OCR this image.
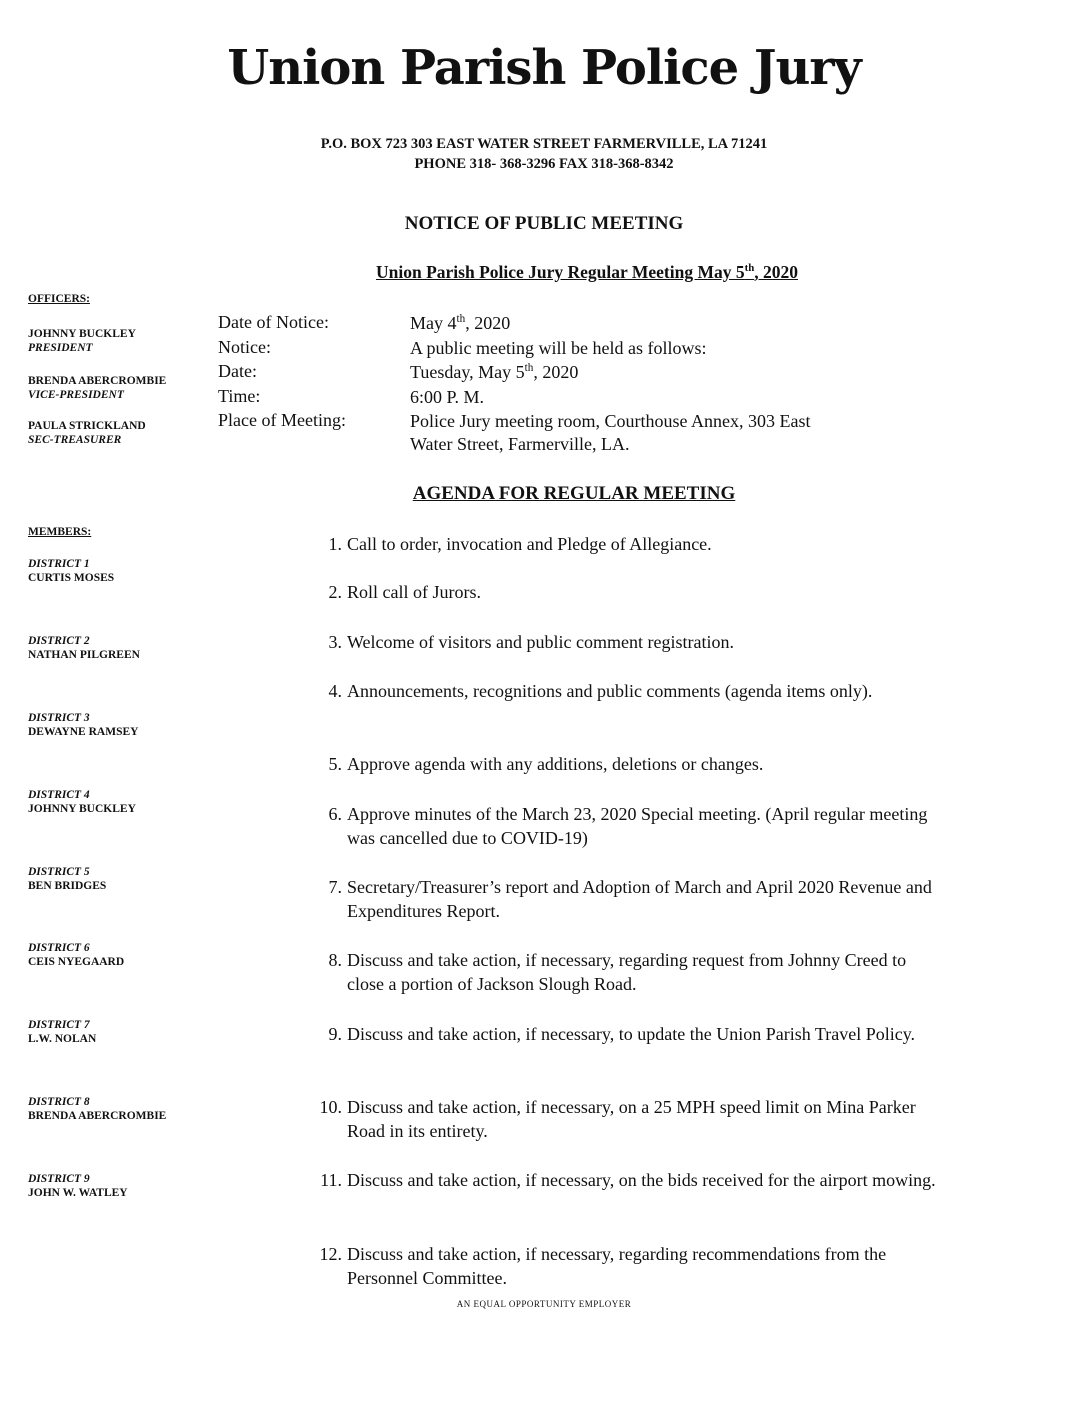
Union Parish Police Jury
P.O. BOX 723 303 EAST WATER STREET FARMERVILLE, LA 71241
PHONE 318- 368-3296 FAX 318-368-8342
NOTICE OF PUBLIC MEETING
Union Parish Police Jury Regular Meeting May 5th, 2020
OFFICERS:
JOHNNY BUCKLEY
PRESIDENT
BRENDA ABERCROMBIE
VICE-PRESIDENT
PAULA STRICKLAND
SEC-TREASURER
MEMBERS:
DISTRICT 1
CURTIS MOSES
DISTRICT 2
NATHAN PILGREEN
DISTRICT 3
DEWAYNE RAMSEY
DISTRICT 4
JOHNNY BUCKLEY
DISTRICT 5
BEN BRIDGES
DISTRICT 6
CEIS NYEGAARD
DISTRICT 7
L.W. NOLAN
DISTRICT 8
BRENDA ABERCROMBIE
DISTRICT 9
JOHN W. WATLEY
Date of Notice:	May 4th, 2020
Notice:	A public meeting will be held as follows:
Date:	Tuesday, May 5th, 2020
Time:	6:00 P. M.
Place of Meeting:	Police Jury meeting room, Courthouse Annex, 303 East
Water Street, Farmerville, LA.
AGENDA FOR REGULAR MEETING
1. Call to order, invocation and Pledge of Allegiance.
2. Roll call of Jurors.
3. Welcome of visitors and public comment registration.
4. Announcements, recognitions and public comments (agenda items only).
5. Approve agenda with any additions, deletions or changes.
6. Approve minutes of the March 23, 2020 Special meeting. (April regular meeting was cancelled due to COVID-19)
7. Secretary/Treasurer’s report and Adoption of March and April 2020 Revenue and Expenditures Report.
8. Discuss and take action, if necessary, regarding request from Johnny Creed to close a portion of Jackson Slough Road.
9. Discuss and take action, if necessary, to update the Union Parish Travel Policy.
10. Discuss and take action, if necessary, on a 25 MPH speed limit on Mina Parker Road in its entirety.
11. Discuss and take action, if necessary, on the bids received for the airport mowing.
12. Discuss and take action, if necessary, regarding recommendations from the Personnel Committee.
AN EQUAL OPPORTUNITY EMPLOYER
